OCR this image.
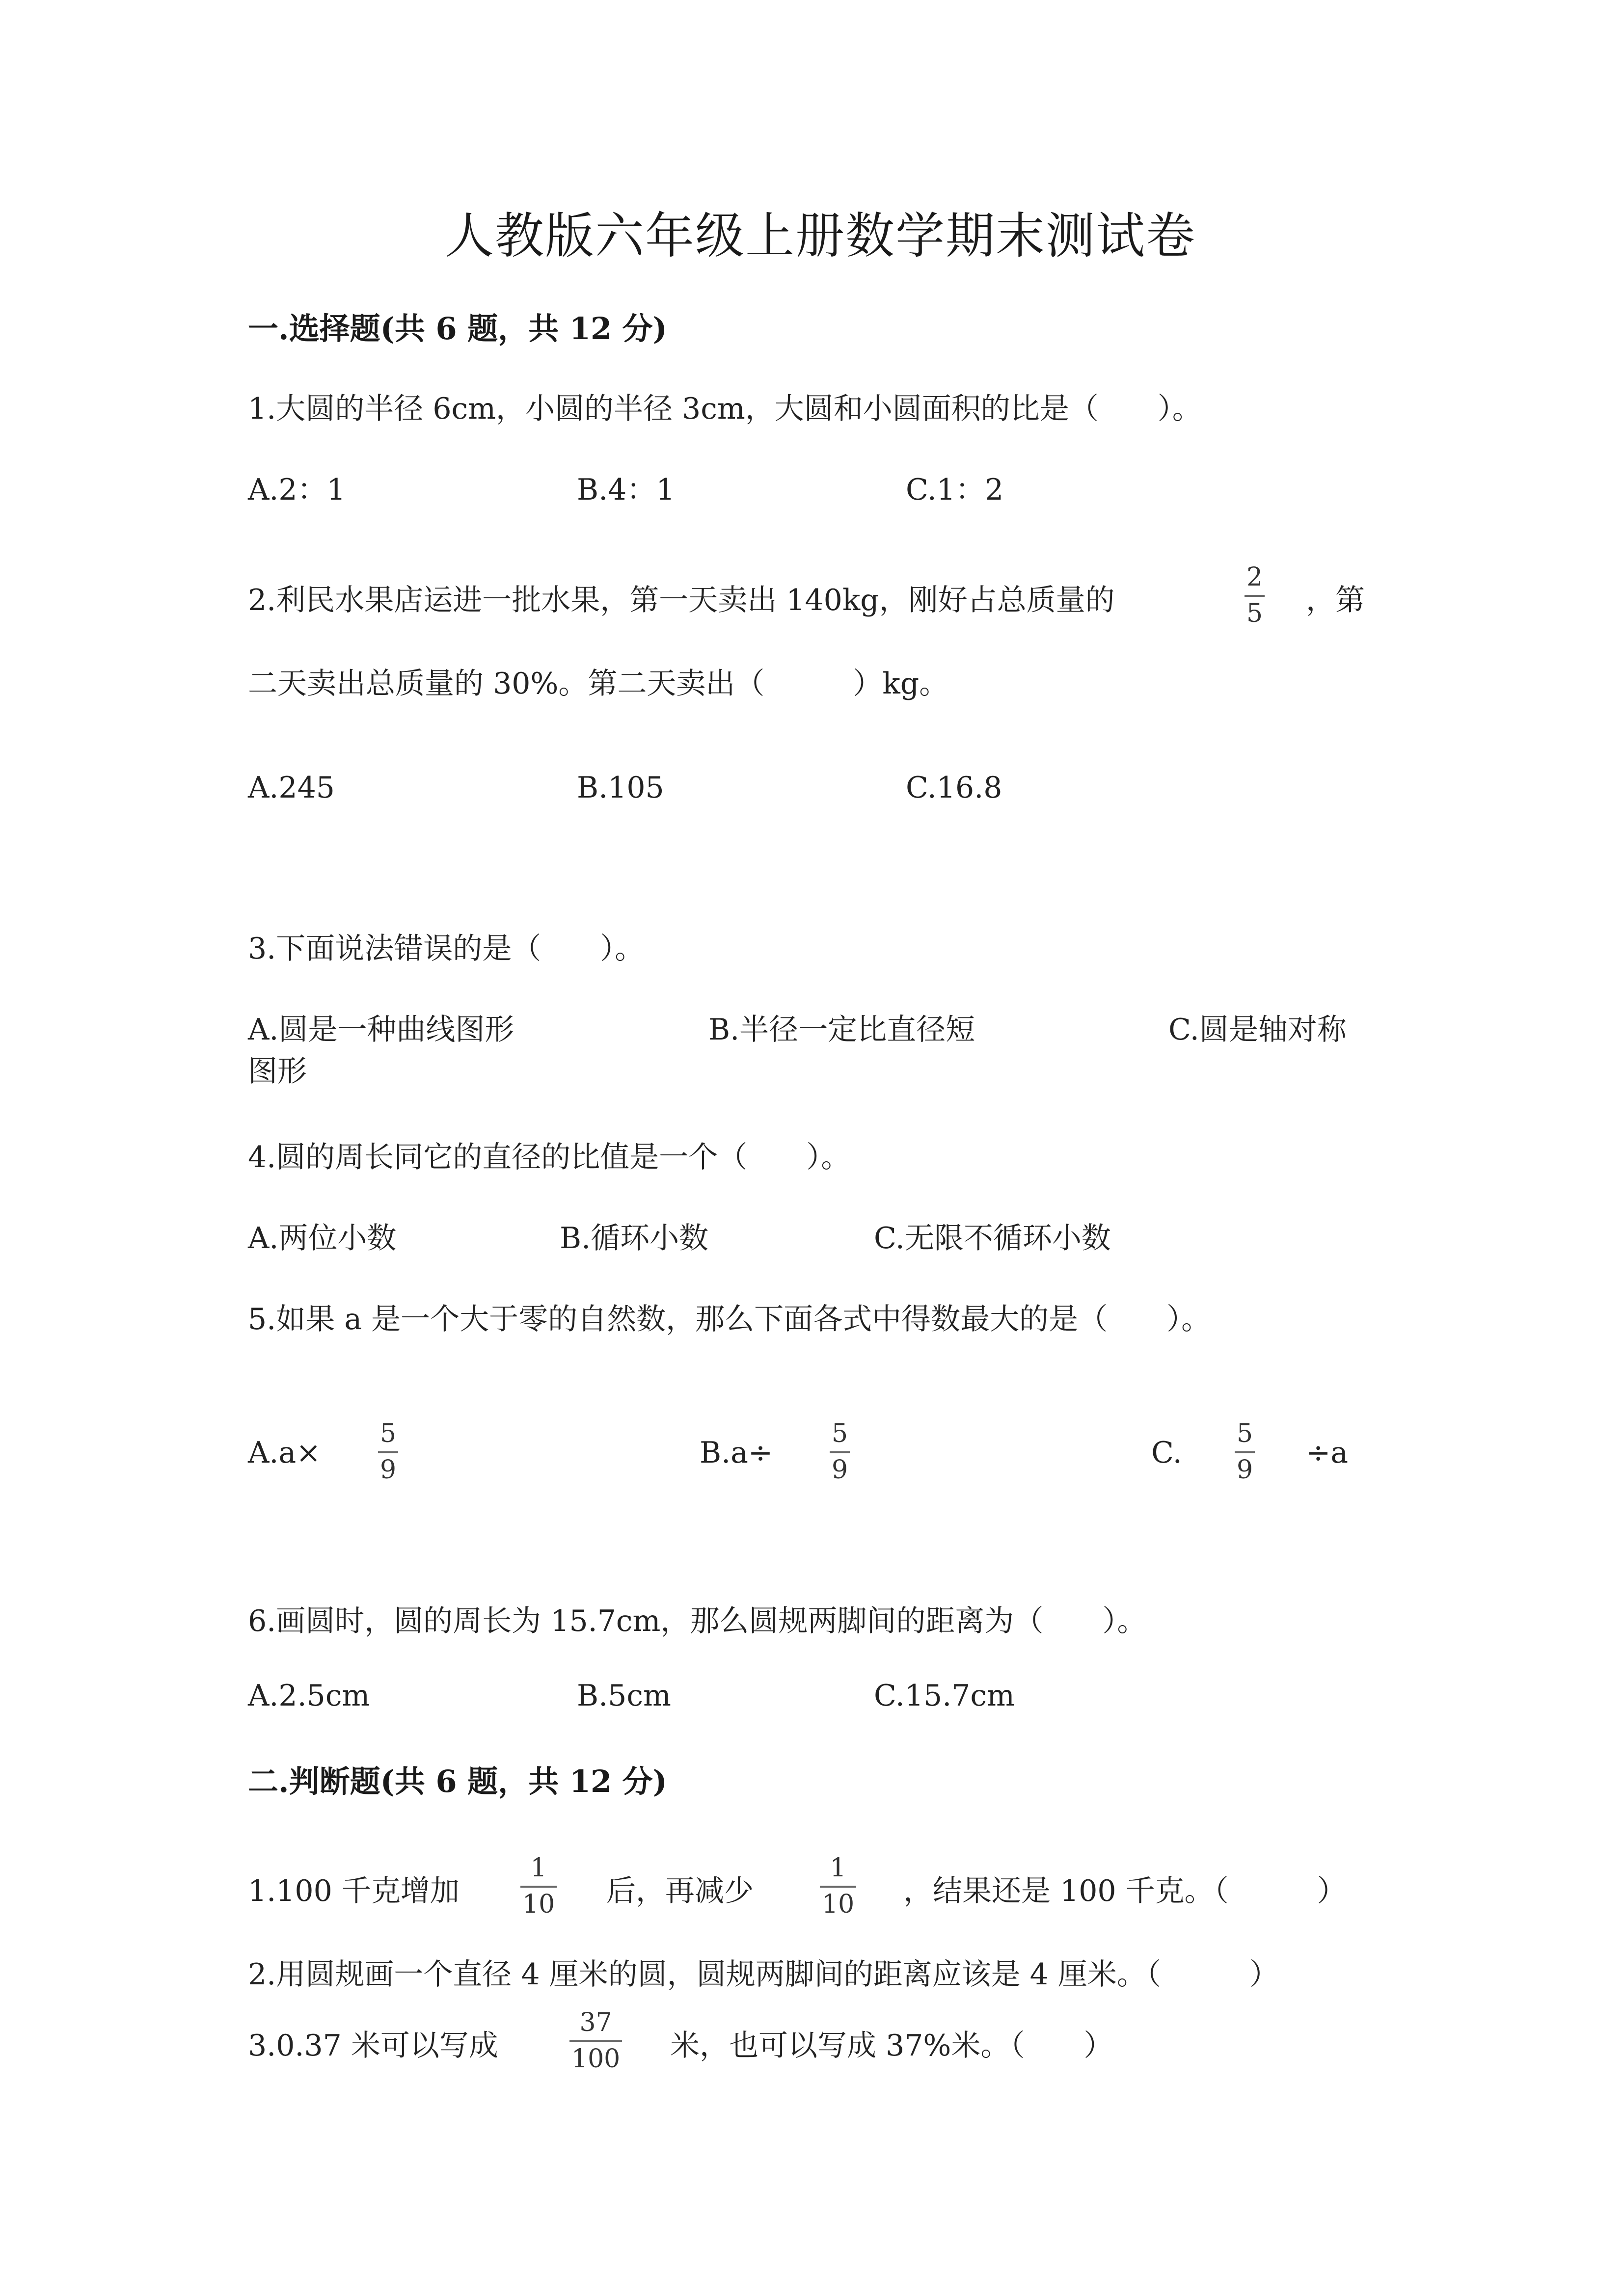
人教版六年级上册数学期末测试卷
一.选择题(共 6 题，共 12 分)
1.大圆的半径 6cm，小圆的半径 3cm，大圆和小圆面积的比是（　　）。
A.2：1	B.4：1	C.1：2
2.利民水果店运进一批水果，第一天卖出 140kg，刚好占总质量的
2
5 ，第
二天卖出总质量的 30%。第二天卖出（　　　）kg。
A.245	B.105	C.16.8
3.下面说法错误的是（　　）。
A.圆是一种曲线图形	B.半径一定比直径短	C.圆是轴对称
图形
4.圆的周长同它的直径的比值是一个（　　）。
A.两位小数	B.循环小数	C.无限不循环小数
5.如果 a 是一个大于零的自然数，那么下面各式中得数最大的是（　　）。
A.a×
5
9	B.a÷
5
9	C.
5
9 ÷a
6.画圆时，圆的周长为 15.7cm，那么圆规两脚间的距离为（　　）。
A.2.5cm	B.5cm	C.15.7cm
二.判断题(共 6 题，共 12 分)
1.100 千克增加
1
10 后，再减少
1
10 ，结果还是 100 千克。（　　　）
2.用圆规画一个直径 4 厘米的圆，圆规两脚间的距离应该是 4 厘米。（　　　）
3.0.37 米可以写成
37
100 米，也可以写成 37%米。（　　）
